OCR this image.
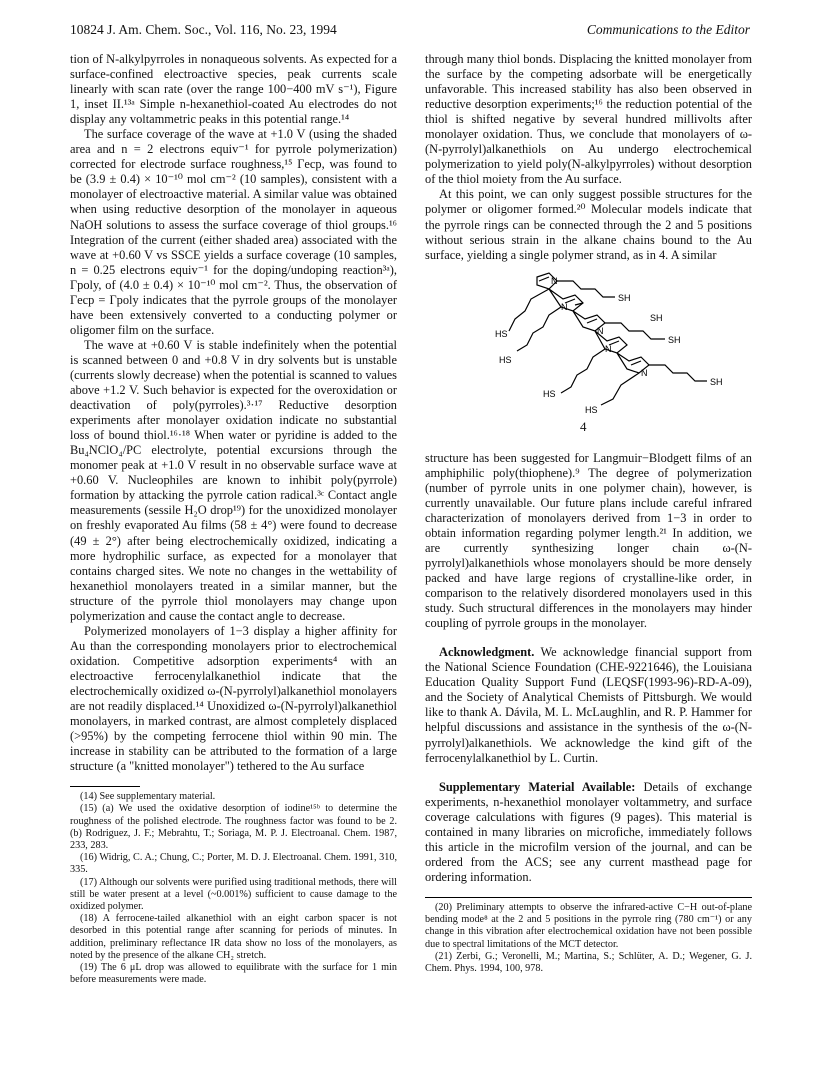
10824 J. Am. Chem. Soc., Vol. 116, No. 23, 1994	Communications to the Editor

tion of N-alkylpyrroles in nonaqueous solvents. As expected for a surface-confined electroactive species, peak currents scale linearly with scan rate (over the range 100−400 mV s⁻¹), Figure 1, inset II.¹³ᵃ Simple n-hexanethiol-coated Au electrodes do not display any voltammetric peaks in this potential range.¹⁴

The surface coverage of the wave at +1.0 V (using the shaded area and n = 2 electrons equiv⁻¹ for pyrrole polymerization) corrected for electrode surface roughness,¹⁵ Γecp, was found to be (3.9 ± 0.4) × 10⁻¹⁰ mol cm⁻² (10 samples), consistent with a monolayer of electroactive material. A similar value was obtained when using reductive desorption of the monolayer in aqueous NaOH solutions to assess the surface coverage of thiol groups.¹⁶ Integration of the current (either shaded area) associated with the wave at +0.60 V vs SSCE yields a surface coverage (10 samples, n = 0.25 electrons equiv⁻¹ for the doping/undoping reaction³ᵃ), Γpoly, of (4.0 ± 0.4) × 10⁻¹⁰ mol cm⁻². Thus, the observation of Γecp = Γpoly indicates that the pyrrole groups of the monolayer have been extensively converted to a conducting polymer or oligomer film on the surface.

The wave at +0.60 V is stable indefinitely when the potential is scanned between 0 and +0.8 V in dry solvents but is unstable (currents slowly decrease) when the potential is scanned to values above +1.2 V. Such behavior is expected for the overoxidation or deactivation of poly(pyrroles).³·¹⁷ Reductive desorption experiments after monolayer oxidation indicate no substantial loss of bound thiol.¹⁶·¹⁸ When water or pyridine is added to the Bu₄NClO₄/PC electrolyte, potential excursions through the monomer peak at +1.0 V result in no observable surface wave at +0.60 V. Nucleophiles are known to inhibit poly(pyrrole) formation by attacking the pyrrole cation radical.³ᶜ Contact angle measurements (sessile H₂O drop¹⁹) for the unoxidized monolayer on freshly evaporated Au films (58 ± 4°) were found to decrease (49 ± 2°) after being electrochemically oxidized, indicating a more hydrophilic surface, as expected for a monolayer that contains charged sites. We note no changes in the wettability of hexanethiol monolayers treated in a similar manner, but the structure of the pyrrole thiol monolayers may change upon polymerization and cause the contact angle to decrease.

Polymerized monolayers of 1−3 display a higher affinity for Au than the corresponding monolayers prior to electrochemical oxidation. Competitive adsorption experiments⁴ with an electroactive ferrocenylalkanethiol indicate that the electrochemically oxidized ω-(N-pyrrolyl)alkanethiol monolayers are not readily displaced.¹⁴ Unoxidized ω-(N-pyrrolyl)alkanethiol monolayers, in marked contrast, are almost completely displaced (>95%) by the competing ferrocene thiol within 90 min. The increase in stability can be attributed to the formation of a large structure (a "knitted monolayer") tethered to the Au surface

(14) See supplementary material.

(15) (a) We used the oxidative desorption of iodine¹⁵ᵇ to determine the roughness of the polished electrode. The roughness factor was found to be 2. (b) Rodriguez, J. F.; Mebrahtu, T.; Soriaga, M. P. J. Electroanal. Chem. 1987, 233, 283.

(16) Widrig, C. A.; Chung, C.; Porter, M. D. J. Electroanal. Chem. 1991, 310, 335.

(17) Although our solvents were purified using traditional methods, there will still be water present at a level (~0.001%) sufficient to cause damage to the oxidized polymer.

(18) A ferrocene-tailed alkanethiol with an eight carbon spacer is not desorbed in this potential range after scanning for periods of minutes. In addition, preliminary reflectance IR data show no loss of the monolayers, as noted by the presence of the alkane CH₂ stretch.

(19) The 6 μL drop was allowed to equilibrate with the surface for 1 min before measurements were made.

through many thiol bonds. Displacing the knitted monolayer from the surface by the competing adsorbate will be energetically unfavorable. This increased stability has also been observed in reductive desorption experiments;¹⁶ the reduction potential of the thiol is shifted negative by several hundred millivolts after monolayer oxidation. Thus, we conclude that monolayers of ω-(N-pyrrolyl)alkanethiols on Au undergo electrochemical polymerization to yield poly(N-alkylpyrroles) without desorption of the thiol moiety from the Au surface.

At this point, we can only suggest possible structures for the polymer or oligomer formed.²⁰ Molecular models indicate that the pyrrole rings can be connected through the 2 and 5 positions without serious strain in the alkane chains bound to the Au surface, yielding a single polymer strand, as in 4. A similar

N
N
N
N
N
SH
SH
SH
SH
HS
HS
HS
HS
4

structure has been suggested for Langmuir−Blodgett films of an amphiphilic poly(thiophene).⁹ The degree of polymerization (number of pyrrole units in one polymer chain), however, is currently unavailable. Our future plans include careful infrared characterization of monolayers derived from 1−3 in order to obtain information regarding polymer length.²¹ In addition, we are currently synthesizing longer chain ω-(N-pyrrolyl)alkanethiols whose monolayers should be more densely packed and have large regions of crystalline-like order, in comparison to the relatively disordered monolayers used in this study. Such structural differences in the monolayers may hinder coupling of pyrrole groups in the monolayer.

Acknowledgment. We acknowledge financial support from the National Science Foundation (CHE-9221646), the Louisiana Education Quality Support Fund (LEQSF(1993-96)-RD-A-09), and the Society of Analytical Chemists of Pittsburgh. We would like to thank A. Dávila, M. L. McLaughlin, and R. P. Hammer for helpful discussions and assistance in the synthesis of the ω-(N-pyrrolyl)alkanethiols. We acknowledge the kind gift of the ferrocenylalkanethiol by L. Curtin.

Supplementary Material Available: Details of exchange experiments, n-hexanethiol monolayer voltammetry, and surface coverage calculations with figures (9 pages). This material is contained in many libraries on microfiche, immediately follows this article in the microfilm version of the journal, and can be ordered from the ACS; see any current masthead page for ordering information.

(20) Preliminary attempts to observe the infrared-active C−H out-of-plane bending mode⁸ at the 2 and 5 positions in the pyrrole ring (780 cm⁻¹) or any change in this vibration after electrochemical oxidation have not been possible due to spectral limitations of the MCT detector.

(21) Zerbi, G.; Veronelli, M.; Martina, S.; Schlüter, A. D.; Wegener, G. J. Chem. Phys. 1994, 100, 978.
